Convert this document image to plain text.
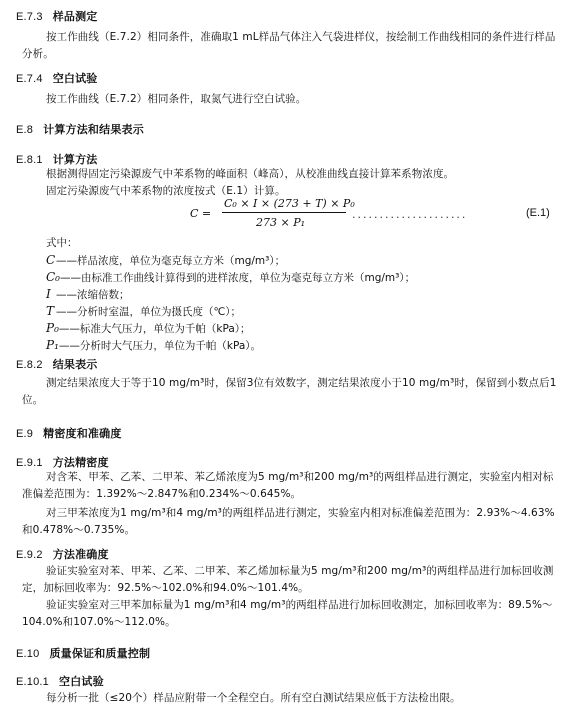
E.7.3 样品测定
按工作曲线（E.7.2）相同条件，准确取1 mL样品气体注入气袋进样仪，按绘制工作曲线相同的条件进行样品分析。
E.7.4 空白试验
按工作曲线（E.7.2）相同条件，取氮气进行空白试验。
E.8 计算方法和结果表示
E.8.1 计算方法
根据测得固定污染源废气中苯系物的峰面积（峰高），从校准曲线直接计算苯系物浓度。
固定污染源废气中苯系物的浓度按式（E.1）计算。
C =
C₀ × I × (273 + T) × P₀
273 × P₁
.....................	(E.1)
式中：
C——样品浓度，单位为毫克每立方米（mg/m³）；
C₀——由标准工作曲线计算得到的进样浓度，单位为毫克每立方米（mg/m³）；
I ——浓缩倍数；
T ——分析时室温，单位为摄氏度（℃）；
P₀——标准大气压力，单位为千帕（kPa）；
P₁——分析时大气压力，单位为千帕（kPa）。
E.8.2 结果表示
测定结果浓度大于等于10 mg/m³时，保留3位有效数字，测定结果浓度小于10 mg/m³时，保留到小数点后1位。
E.9 精密度和准确度
E.9.1 方法精密度
对含苯、甲苯、乙苯、二甲苯、苯乙烯浓度为5 mg/m³和200 mg/m³的两组样品进行测定，实验室内相对标准偏差范围为：1.392%～2.847%和0.234%～0.645%。
对三甲苯浓度为1 mg/m³和4 mg/m³的两组样品进行测定，实验室内相对标准偏差范围为：2.93%～4.63%和0.478%～0.735%。
E.9.2 方法准确度
验证实验室对苯、甲苯、乙苯、二甲苯、苯乙烯加标量为5 mg/m³和200 mg/m³的两组样品进行加标回收测定，加标回收率为：92.5%～102.0%和94.0%～101.4%。
验证实验室对三甲苯加标量为1 mg/m³和4 mg/m³的两组样品进行加标回收测定，加标回收率为：89.5%～104.0%和107.0%～112.0%。
E.10 质量保证和质量控制
E.10.1 空白试验
每分析一批（≤20个）样品应附带一个全程空白。所有空白测试结果应低于方法检出限。
